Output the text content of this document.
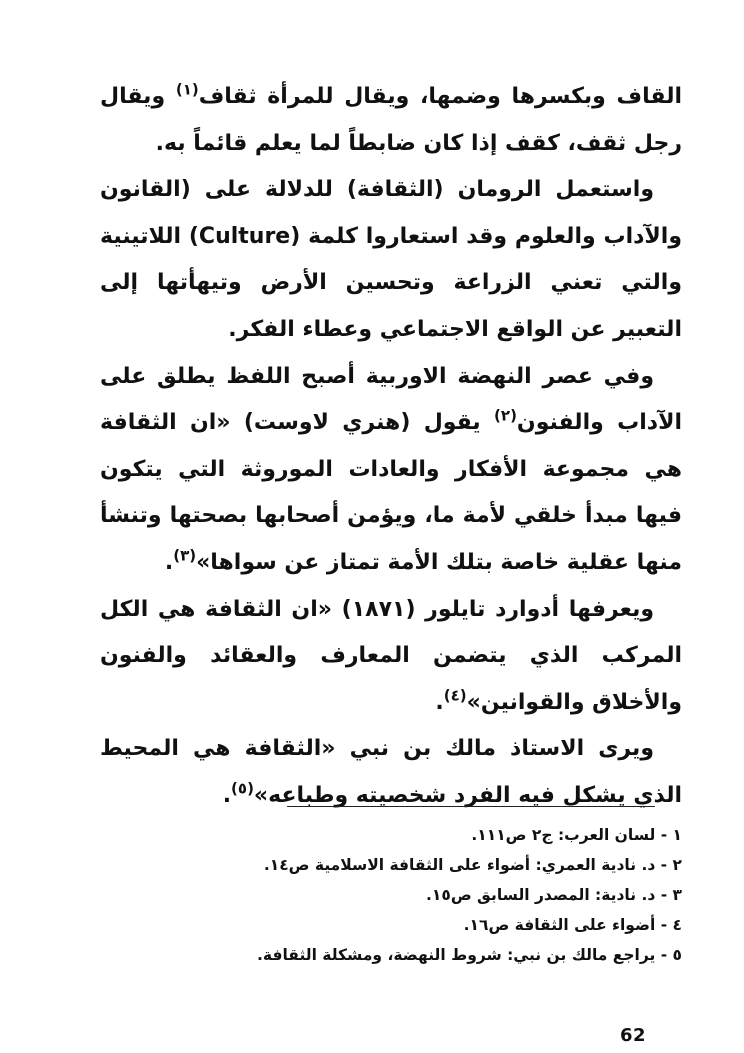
القاف وبكسرها وضمها، ويقال للمرأة ثقاف$^{(١)}$ ويقال رجل ثقف، كقف إذا كان ضابطاً لما يعلم قائماً به.

واستعمل الرومان (الثقافة) للدلالة على (القانون والآداب والعلوم وقد استعاروا كلمة (Culture) اللاتينية والتي تعني الزراعة وتحسين الأرض وتيهأتها إلى التعبير عن الواقع الاجتماعي وعطاء الفكر.

وفي عصر النهضة الاوربية أصبح اللفظ يطلق على الآداب والفنون$^{(٢)}$ يقول (هنري لاوست) «ان الثقافة هي مجموعة الأفكار والعادات الموروثة التي يتكون فيها مبدأ خلقي لأمة ما، ويؤمن أصحابها بصحتها وتنشأ منها عقلية خاصة بتلك الأمة تمتاز عن سواها»$^{(٣)}$.

ويعرفها أدوارد تايلور (١٨٧١) «ان الثقافة هي الكل المركب الذي يتضمن المعارف والعقائد والفنون والأخلاق والقوانين»$^{(٤)}$.

ويرى الاستاذ مالك بن نبي «الثقافة هي المحيط الذي يشكل فيه الفرد شخصيته وطباعه»$^{(٥)}$.

١ - لسان العرب: ج٢ ص١١١.
٢ - د. نادية العمري: أضواء على الثقافة الاسلامية ص١٤.
٣ - د. نادية: المصدر السابق ص١٥.
٤ - أضواء على الثقافة ص١٦.
٥ - يراجع مالك بن نبي: شروط النهضة، ومشكلة الثقافة.
62
